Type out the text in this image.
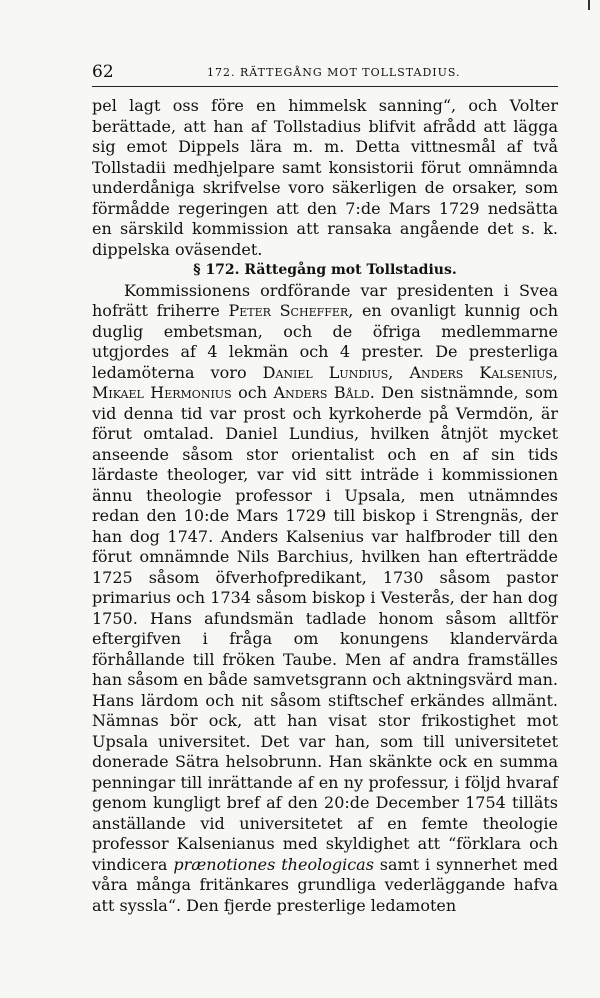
62	172. RÄTTEGÅNG MOT TOLLSTADIUS.

pel lagt oss före en himmelsk sanning“, och Volter berättade, att han af Tollstadius blifvit afrådd att lägga sig emot Dippels lära m. m. Detta vittnesmål af två Tollstadii medhjelpare samt konsistorii förut omnämnda underdåniga skrifvelse voro säkerligen de orsaker, som förmådde regeringen att den 7:de Mars 1729 nedsätta en särskild kommission att ransaka angående det s. k. dippelska oväsendet.

§ 172. Rättegång mot Tollstadius.

Kommissionens ordförande var presidenten i Svea hofrätt friherre Peter Scheffer, en ovanligt kunnig och duglig embetsman, och de öfriga medlemmarne utgjordes af 4 lekmän och 4 prester. De presterliga ledamöterna voro Daniel Lundius, Anders Kalsenius, Mikael Hermonius och Anders Båld. Den sistnämnde, som vid denna tid var prost och kyrkoherde på Vermdön, är förut omtalad. Daniel Lundius, hvilken åtnjöt mycket anseende såsom stor orientalist och en af sin tids lärdaste theologer, var vid sitt inträde i kommissionen ännu theologie professor i Upsala, men utnämndes redan den 10:de Mars 1729 till biskop i Strengnäs, der han dog 1747. Anders Kalsenius var halfbroder till den förut omnämnde Nils Barchius, hvilken han efterträdde 1725 såsom öfverhofpredikant, 1730 såsom pastor primarius och 1734 såsom biskop i Vesterås, der han dog 1750. Hans afundsmän tadlade honom såsom alltför eftergifven i fråga om konungens klandervärda förhållande till fröken Taube. Men af andra framställes han såsom en både samvetsgrann och aktningsvärd man. Hans lärdom och nit såsom stiftschef erkändes allmänt. Nämnas bör ock, att han visat stor frikostighet mot Upsala universitet. Det var han, som till universitetet donerade Sätra helsobrunn. Han skänkte ock en summa penningar till inrättande af en ny professur, i följd hvaraf genom kungligt bref af den 20:de December 1754 tilläts anställande vid universitetet af en femte theologie professor Kalsenianus med skyldighet att “förklara och vindicera prænotiones theologicas samt i synnerhet med våra många fritänkares grundliga vederläggande hafva att syssla“. Den fjerde presterlige ledamoten
